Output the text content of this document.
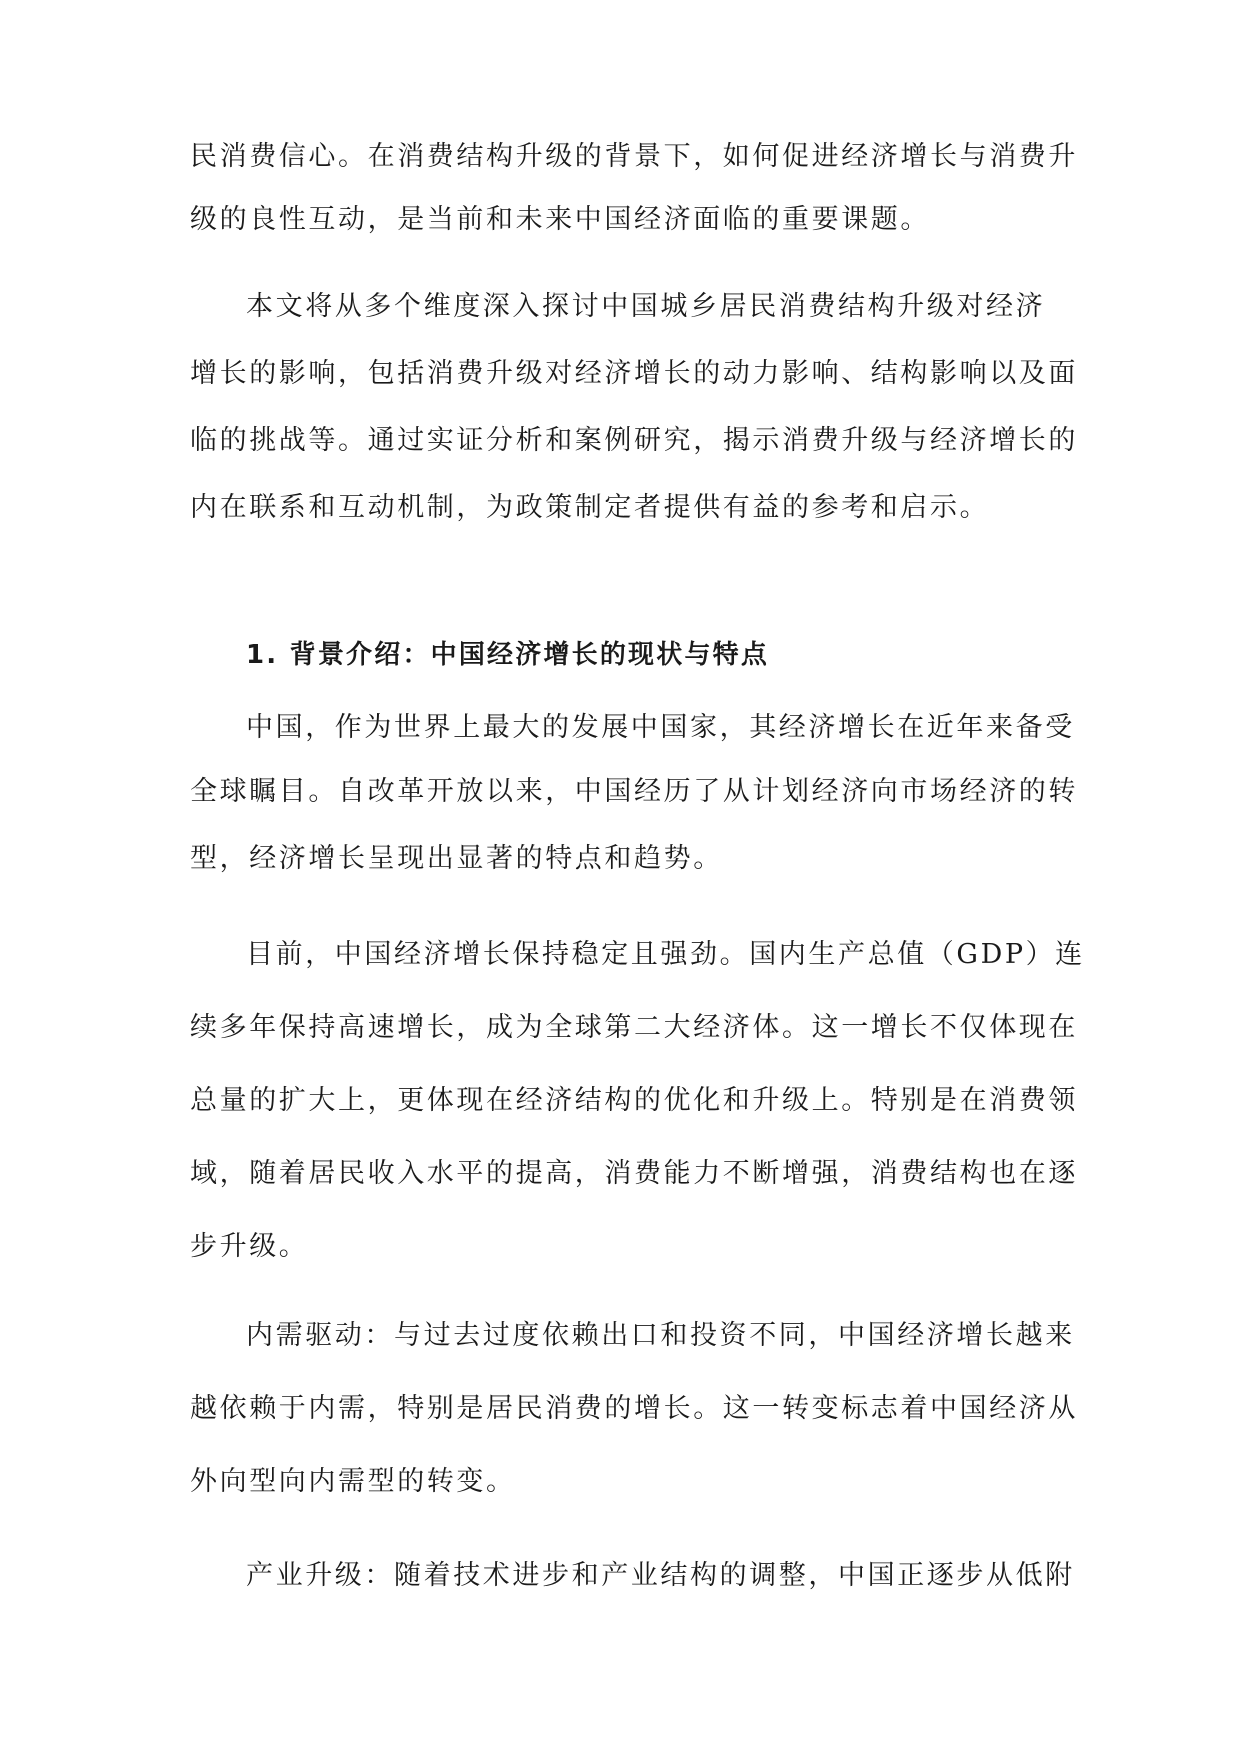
民消费信心。在消费结构升级的背景下，如何促进经济增长与消费升

级的良性互动，是当前和未来中国经济面临的重要课题。

本文将从多个维度深入探讨中国城乡居民消费结构升级对经济

增长的影响，包括消费升级对经济增长的动力影响、结构影响以及面

临的挑战等。通过实证分析和案例研究，揭示消费升级与经济增长的

内在联系和互动机制，为政策制定者提供有益的参考和启示。

1. 背景介绍：中国经济增长的现状与特点

中国，作为世界上最大的发展中国家，其经济增长在近年来备受

全球瞩目。自改革开放以来，中国经历了从计划经济向市场经济的转

型，经济增长呈现出显著的特点和趋势。

目前，中国经济增长保持稳定且强劲。国内生产总值（GDP）连

续多年保持高速增长，成为全球第二大经济体。这一增长不仅体现在

总量的扩大上，更体现在经济结构的优化和升级上。特别是在消费领

域，随着居民收入水平的提高，消费能力不断增强，消费结构也在逐

步升级。

内需驱动：与过去过度依赖出口和投资不同，中国经济增长越来

越依赖于内需，特别是居民消费的增长。这一转变标志着中国经济从

外向型向内需型的转变。

产业升级：随着技术进步和产业结构的调整，中国正逐步从低附
